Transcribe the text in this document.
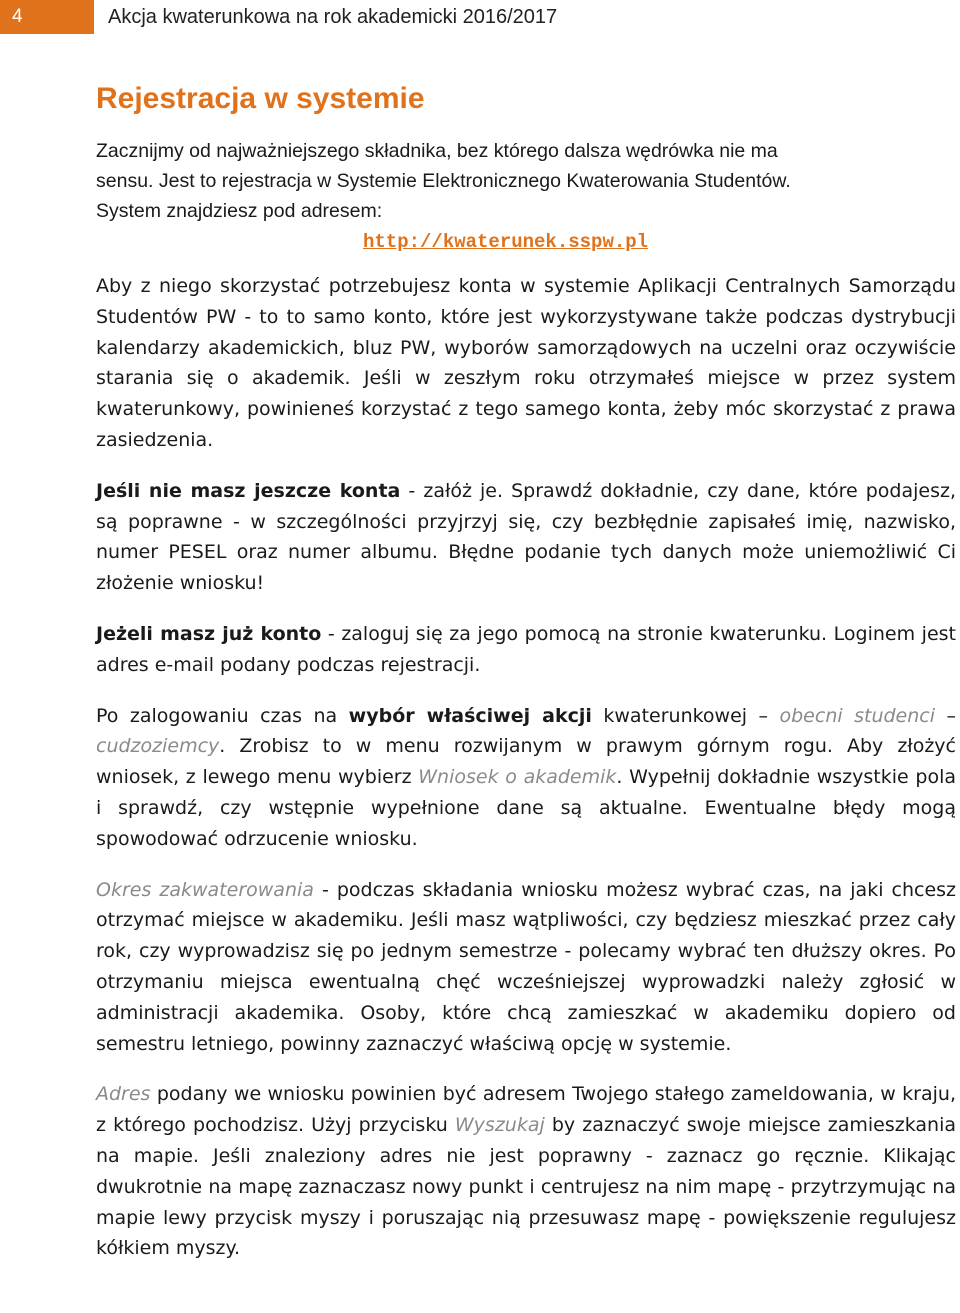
4	Akcja kwaterunkowa na rok akademicki 2016/2017
Rejestracja w systemie
Zacznijmy od najważniejszego składnika, bez którego dalsza wędrówka nie ma
sensu. Jest to rejestracja w Systemie Elektronicznego Kwaterowania Studentów.
System znajdziesz pod adresem:
http://kwaterunek.sspw.pl

Aby z niego skorzystać potrzebujesz konta w systemie Aplikacji Centralnych Samorządu Studentów PW - to to samo konto, które jest wykorzystywane także podczas dystrybucji kalendarzy akademickich, bluz PW, wyborów samorządowych na uczelni oraz oczywiście starania się o akademik. Jeśli w zeszłym roku otrzymałeś miejsce w przez system kwaterunkowy, powinieneś korzystać z tego samego konta, żeby móc skorzystać z prawa zasiedzenia.

Jeśli nie masz jeszcze konta - załóż je. Sprawdź dokładnie, czy dane, które podajesz, są poprawne - w szczególności przyjrzyj się, czy bezbłędnie zapisałeś imię, nazwisko, numer PESEL oraz numer albumu. Błędne podanie tych danych może uniemożliwić Ci złożenie wniosku!

Jeżeli masz już konto - zaloguj się za jego pomocą na stronie kwaterunku. Loginem jest adres e-mail podany podczas rejestracji.

Po zalogowaniu czas na wybór właściwej akcji kwaterunkowej – obecni studenci – cudzoziemcy. Zrobisz to w menu rozwijanym w prawym górnym rogu. Aby złożyć wniosek, z lewego menu wybierz Wniosek o akademik. Wypełnij dokładnie wszystkie pola i sprawdź, czy wstępnie wypełnione dane są aktualne. Ewentualne błędy mogą spowodować odrzucenie wniosku.

Okres zakwaterowania - podczas składania wniosku możesz wybrać czas, na jaki chcesz otrzymać miejsce w akademiku. Jeśli masz wątpliwości, czy będziesz mieszkać przez cały rok, czy wyprowadzisz się po jednym semestrze - polecamy wybrać ten dłuższy okres. Po otrzymaniu miejsca ewentualną chęć wcześniejszej wyprowadzki należy zgłosić w administracji akademika. Osoby, które chcą zamieszkać w akademiku dopiero od semestru letniego, powinny zaznaczyć właściwą opcję w systemie.

Adres podany we wniosku powinien być adresem Twojego stałego zameldowania, w kraju, z którego pochodzisz. Użyj przycisku Wyszukaj by zaznaczyć swoje miejsce zamieszkania na mapie. Jeśli znaleziony adres nie jest poprawny - zaznacz go ręcznie. Klikając dwukrotnie na mapę zaznaczasz nowy punkt i centrujesz na nim mapę - przytrzymując na mapie lewy przycisk myszy i poruszając nią przesuwasz mapę - powiększenie regulujesz kółkiem myszy.
